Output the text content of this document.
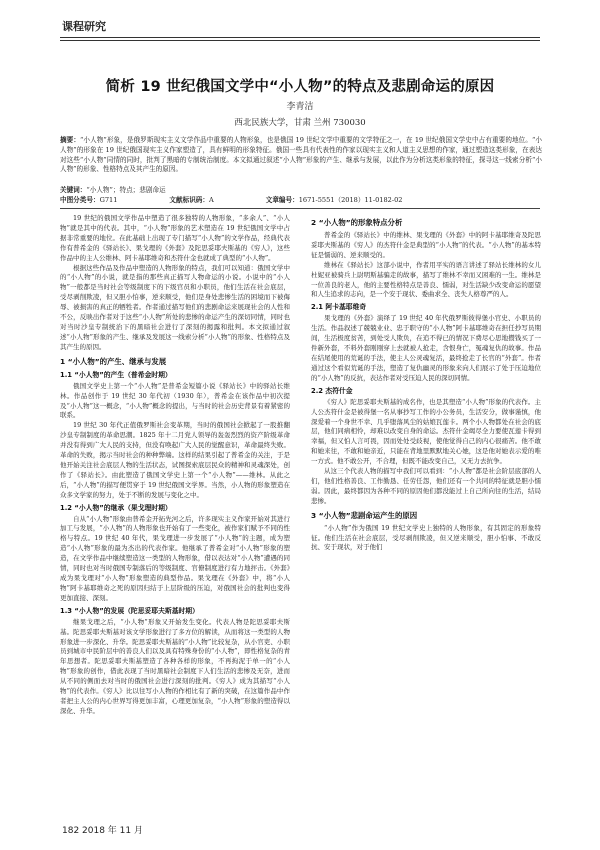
课程研究
简析 19 世纪俄国文学中“小人物”的特点及悲剧命运的原因
李青洁
西北民族大学，甘肃 兰州 730030
摘要：“小人物”形象，是俄罗斯现实主义文学作品中重要的人物形象，也是俄国 19 世纪文学中重要的文学特征之一，在 19 世纪俄国文学史中占有重要的地位。“小人物”的形象在 19 世纪俄国现实主义作家塑造了，具有鲜明的形象特征。俄国一些具有代表性的作家以现实主义和人道主义思想的作家，通过塑造这类形象，在表达对这些“小人物”同情的同时，批判了黑暗的专制统治制度。本文拟通过叙述“小人物”形象的产生、继承与发展，以此作为分析这类形象的特征，探寻这一线索分析“小人物”的形象、性格特点及其产生的原因。
关键词：“小人物”；特点；悲剧命运
中图分类号：G711	文献标识码：A	文章编号：1671-5551（2018）11-0182-02

19 世纪的俄国文学作品中塑造了很多独特的人物形象，“多余人”、“小人物”就是其中的代表。其中，“小人物”形象的艺术塑造在 19 世纪俄国文学中占据非常重要的地位。在此基础上出现了专门描写“小人物”的文学作品，经典代表作有普希金的《驿站长》、果戈理的《外套》及陀思妥耶夫斯基的《穷人》，这些作品中的主人公维林、阿卡基耶维奇和杰符什金也就成了典型的“小人物”。

根据这些作品及作品中塑造的人物形象的特点，我们可以知道：俄国文学中的“小人物”的小说，就是指的那些真正描写人物命运的小说。小说中的“小人物”一般都是当时社会等级制度下的下级官员和小职员，他们生活在社会底层，受尽剥削欺凌，但又胆小怕事，逆来顺受，他们是身处悲惨生活的困境而下被侮辱、被损害的真正的牺牲者。作者通过描写他们的悲剧命运来展现社会的人性和不公，反映出作者对于这些“小人物”所处的悲惨的命运产生的深切同情，同时也对当时沙皇专制统治下的黑暗社会进行了深刻的揭露和批判。本文拟通过叙述“小人物”形象的产生、继承及发展这一线索分析“小人物”的形象、性格特点及其产生的原因。

1 “小人物”的产生、继承与发展
1.1 “小人物”的产生（普希金时期）

俄国文学史上第一个“小人物”是普希金短篇小说《驿站长》中的驿站长维林。作品创作于 19 世纪 30 年代初（1930 年），普希金在该作品中初次提及“小人物”这一概念，“小人物”概念的提出，与当时的社会历史背景有着紧密的联系。

19 世纪 30 年代正值俄罗斯社会变革期，当时的俄国社会掀起了一股推翻沙皇专制制度的革命思潮。1825 年十二月党人领导的轰轰烈烈的资产阶级革命并没有得到广大人民的支持，但没有唤起广大人民的觉醒意识，革命最终失败。革命的失败，揭示当时社会的种种弊端。这样的结果引起了普希金的关注，于是他开始关注社会底层人物的生活状态，试图探索底层民众的精神和灵魂深处，创作了《驿站长》。由此塑造了俄国文学史上第一个“小人物”——维林。从此之后，“小人物”的描写便贯穿于 19 世纪俄国文学界。当然，小人物的形象塑造在众多文学家的努力，处于不断的发展与变化之中。

1.2 “小人物”的继承（果戈理时期）

自从“小人物”形象由普希金开拓先河之后，许多现实主义作家开始对其进行加工与发展，“小人物”的人物形象也开始有了一些变化，被作家们赋予不同的性格与特点。19 世纪 40 年代，果戈理进一步发展了“小人物”的主题，成为塑造“小人物”形象的最为杰出的代表作家。他继承了普希金对“小人物”形象的塑造，在文学作品中继续塑造这一类型的人物形象，借以表达对“小人物”遭遇的同情，同时也对当时俄国专制落后的等级制度、官僚制度进行有力地抨击。《外套》成为果戈理对“小人物”形象塑造的典型作品。果戈理在《外套》中，将“小人物”阿卡基耶维奇之死的原因归结于上层阶级的压迫，对俄国社会的批判也变得更加直接、深刻。

1.3 “小人物”的发展（陀思妥耶夫斯基时期）

继果戈理之后，“小人物”形象又开始发生变化。代表人物是陀思妥耶夫斯基。陀思妥耶夫斯基对该文学形象进行了多方位的解读，从而将这一类型的人物形象进一步深化、升华。陀思妥耶夫斯基的“小人物”比较复杂，从小官吏、小职员到城市中民阶层中的善良人们以及具有特殊身份的“小人物”，即性格复杂的青年思想者。陀思妥耶夫斯基塑造了各种各样的形象，不再拘泥于单一的“小人物”形象的创作，借此表现了当时黑暗社会制度下人们生活的悲惨及无奈，进而从不同的侧面去对当时的俄国社会进行深刻的批判。《穷人》成为其描写“小人物”的代表作。《穷人》比以往写小人物的作相比有了新的突破，在这篇作品中作者把主人公的内心世界写得更加丰富，心理更加复杂，“小人物”形象的塑造得以深化、升华。

2 “小人物”的形象特点分析

普希金的《驿站长》中的维林、果戈理的《外套》中的阿卡基耶维奇及陀思妥耶夫斯基的《穷人》的杰符什金是典型的“小人物”的代表。“小人物”的基本特征是懦弱的、逆来顺受的。

维林在《驿站长》这部小说中，作者用平实的语言讲述了驿站长维林的女儿杜妮亚被骑兵上尉明斯基骗走的故事，描写了维林不幸而又困难的一生。维林是一位善良的老人，他的主要性格特点是善良、懦弱，对生活缺少改变命运的愿望和人生追求的志向，是一个安于现状、委曲求全、丧失人格尊严的人。

2.1 阿卡基耶维奇

果戈理的《外套》演绎了 19 世纪 40 年代俄罗斯彼得堡小官史、小职员的生活。作品叙述了兢兢业业、忠于职守的“小人物”阿卡基耶维奇在担任抄写员期间，生活极度贫苦，到处受人欺负，在追不得已的情况下费尽心思地攒钱买了一件新外套，不料外套刚刚穿上去就被人抢走，含恨身亡，冤魂复仇的故事。作品在结尾使用的荒诞的手法，使主人公灵魂复活，最终抢走了长官的“外套”。作者通过这个看似荒诞的手法，塑造了复仇幽灵的形象来向人们展示了处于压迫地位的“小人物”的反抗，表达作者对受压迫人民的深切同情。

2.2 杰符什金

《穷人》陀思妥耶夫斯基的成名作，也是其塑造“小人物”形象的代表作。主人公杰符什金是被得堡一名从事抄写工作的小公务员，生活安分，做事谨慎，他深爱着一个身世不幸、几乎堕落风尘的姑娘瓦莲卡。两个小人物都处在社会的底层，他们同病相怜，却难以改变自身的命运。杰符什金竭尽全力要使瓦莲卡得到幸福，但又怕人言可畏，因而处处受歧视，使他觉得自己的内心很痛苦。他不敢和她来往，不敢和她亲近，只能在背地里默默地关心她，这是他对她表示爱的唯一方式。他不敢公开，不合理，但既不能改变自己，又无力去抗争。

从这三个代表人物的描写中我们可以看到：“小人物”都是社会阶层底部的人们，他们性格善良、工作勤恳、任劳任怨，他们还有一个共同的特征就是胆小懦弱。因此，最终都因为各种不同的原因他们都没能过上自己所向往的生活，结局悲惨。

3 “小人物”悲剧命运产生的原因

“小人物”作为俄国 19 世纪文学史上独特的人物形象，有其固定的形象特征。他们生活在社会底层，受尽剥削欺凌，但又逆来顺受，胆小怕事、不敢反抗、安于现状，对于他们

182 2018 年 11 月
